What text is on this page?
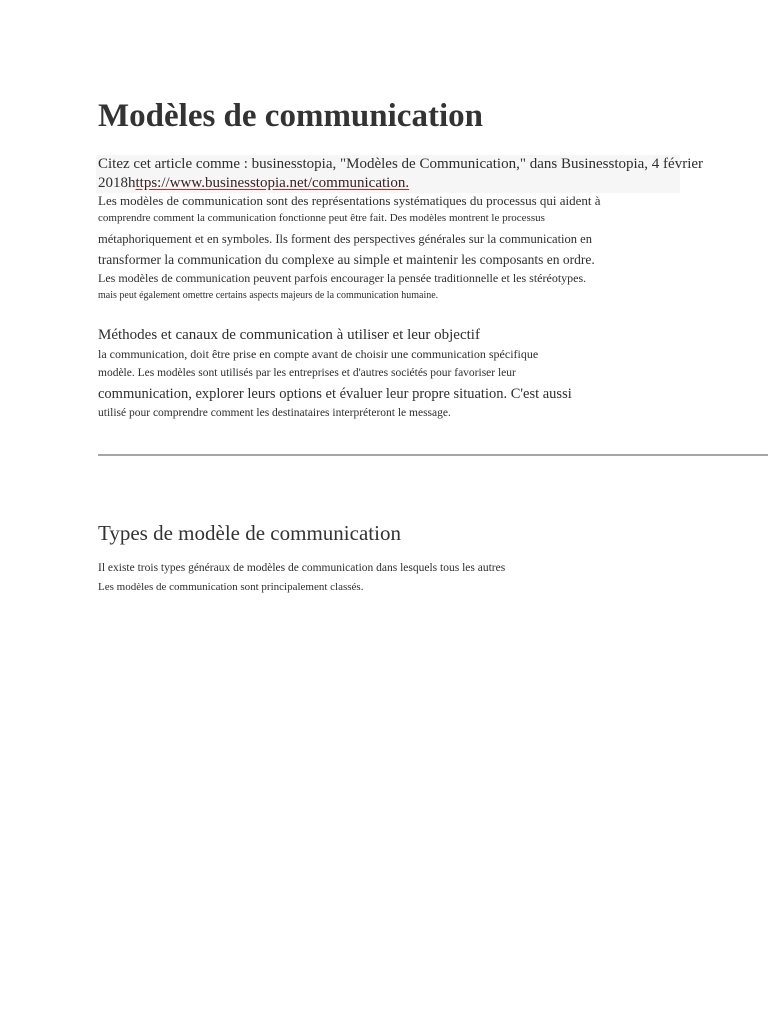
Modèles de communication
Citez cet article comme : businesstopia, "Modèles de Communication," dans Businesstopia, 4 février
2018https://www.businesstopia.net/communication.
Les modèles de communication sont des représentations systématiques du processus qui aident à
comprendre comment la communication fonctionne peut être fait. Des modèles montrent le processus
métaphoriquement et en symboles. Ils forment des perspectives générales sur la communication en
transformer la communication du complexe au simple et maintenir les composants en ordre.
Les modèles de communication peuvent parfois encourager la pensée traditionnelle et les stéréotypes.
mais peut également omettre certains aspects majeurs de la communication humaine.
Méthodes et canaux de communication à utiliser et leur objectif
la communication, doit être prise en compte avant de choisir une communication spécifique
modèle. Les modèles sont utilisés par les entreprises et d'autres sociétés pour favoriser leur
communication, explorer leurs options et évaluer leur propre situation. C'est aussi
utilisé pour comprendre comment les destinataires interpréteront le message.
Types de modèle de communication
Il existe trois types généraux de modèles de communication dans lesquels tous les autres
Les modèles de communication sont principalement classés.
